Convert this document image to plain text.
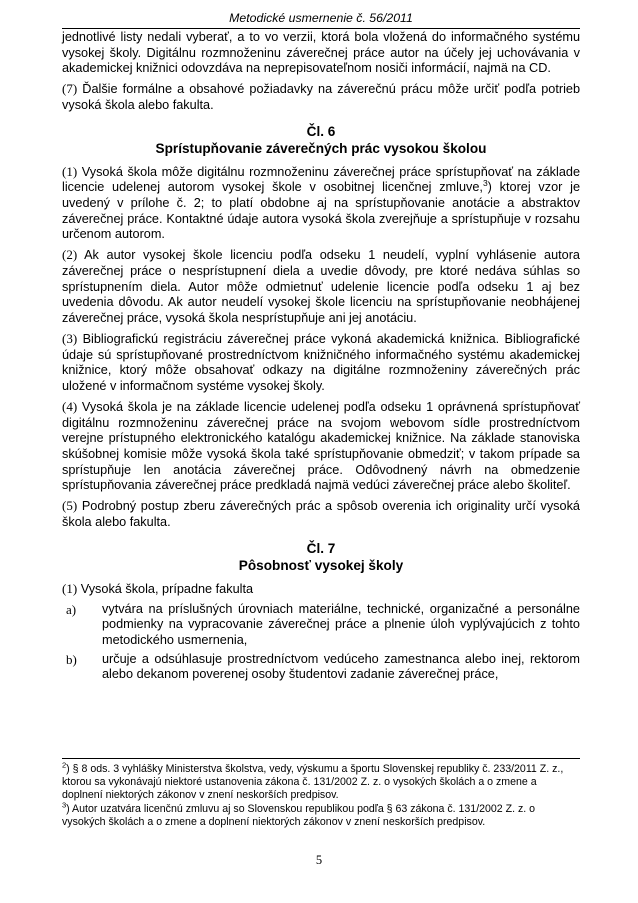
Metodické usmernenie č. 56/2011

jednotlivé listy nedali vyberať, a to vo verzii, ktorá bola vložená do informačného systému vysokej školy. Digitálnu rozmnoženinu záverečnej práce autor na účely jej uchovávania v akademickej knižnici odovzdáva na neprepisovateľnom nosiči informácií, najmä na CD.

(7) Ďalšie formálne a obsahové požiadavky na záverečnú prácu môže určiť podľa potrieb vysoká škola alebo fakulta.

Čl. 6
Sprístupňovanie záverečných prác vysokou školou

(1) Vysoká škola môže digitálnu rozmnoženinu záverečnej práce sprístupňovať na základe licencie udelenej autorom vysokej škole v osobitnej licenčnej zmluve,$^3$) ktorej vzor je uvedený v prílohe č. 2; to platí obdobne aj na sprístupňovanie anotácie a abstraktov záverečnej práce. Kontaktné údaje autora vysoká škola zverejňuje a sprístupňuje v rozsahu určenom autorom.

(2) Ak autor vysokej škole licenciu podľa odseku 1 neudelí, vyplní vyhlásenie autora záverečnej práce o nesprístupnení diela a uvedie dôvody, pre ktoré nedáva súhlas so sprístupnením diela. Autor môže odmietnuť udelenie licencie podľa odseku 1 aj bez uvedenia dôvodu. Ak autor neudelí vysokej škole licenciu na sprístupňovanie neobhájenej záverečnej práce, vysoká škola nesprístupňuje ani jej anotáciu.

(3) Bibliografickú registráciu záverečnej práce vykoná akademická knižnica. Bibliografické údaje sú sprístupňované prostredníctvom knižničného informačného systému akademickej knižnice, ktorý môže obsahovať odkazy na digitálne rozmnoženiny záverečných prác uložené v informačnom systéme vysokej školy.

(4) Vysoká škola je na základe licencie udelenej podľa odseku 1 oprávnená sprístupňovať digitálnu rozmnoženinu záverečnej práce na svojom webovom sídle prostredníctvom verejne prístupného elektronického katalógu akademickej knižnice. Na základe stanoviska skúšobnej komisie môže vysoká škola také sprístupňovanie obmedziť; v takom prípade sa sprístupňuje len anotácia záverečnej práce. Odôvodnený návrh na obmedzenie sprístupňovania záverečnej práce predkladá najmä vedúci záverečnej práce alebo školiteľ.

(5) Podrobný postup zberu záverečných prác a spôsob overenia ich originality určí vysoká škola alebo fakulta.

Čl. 7
Pôsobnosť vysokej školy

(1) Vysoká škola, prípadne fakulta

a) vytvára na príslušných úrovniach materiálne, technické, organizačné a personálne podmienky na vypracovanie záverečnej práce a plnenie úloh vyplývajúcich z tohto metodického usmernenia,
b) určuje a odsúhlasuje prostredníctvom vedúceho zamestnanca alebo inej, rektorom alebo dekanom poverenej osoby študentovi zadanie záverečnej práce,

$^2$) § 8 ods. 3 vyhlášky Ministerstva školstva, vedy, výskumu a športu Slovenskej republiky č. 233/2011 Z. z., ktorou sa vykonávajú niektoré ustanovenia zákona č. 131/2002 Z. z. o vysokých školách a o zmene a doplnení niektorých zákonov v znení neskorších predpisov.

$^3$) Autor uzatvára licenčnú zmluvu aj so Slovenskou republikou podľa § 63 zákona č. 131/2002 Z. z. o vysokých školách a o zmene a doplnení niektorých zákonov v znení neskorších predpisov.

5
